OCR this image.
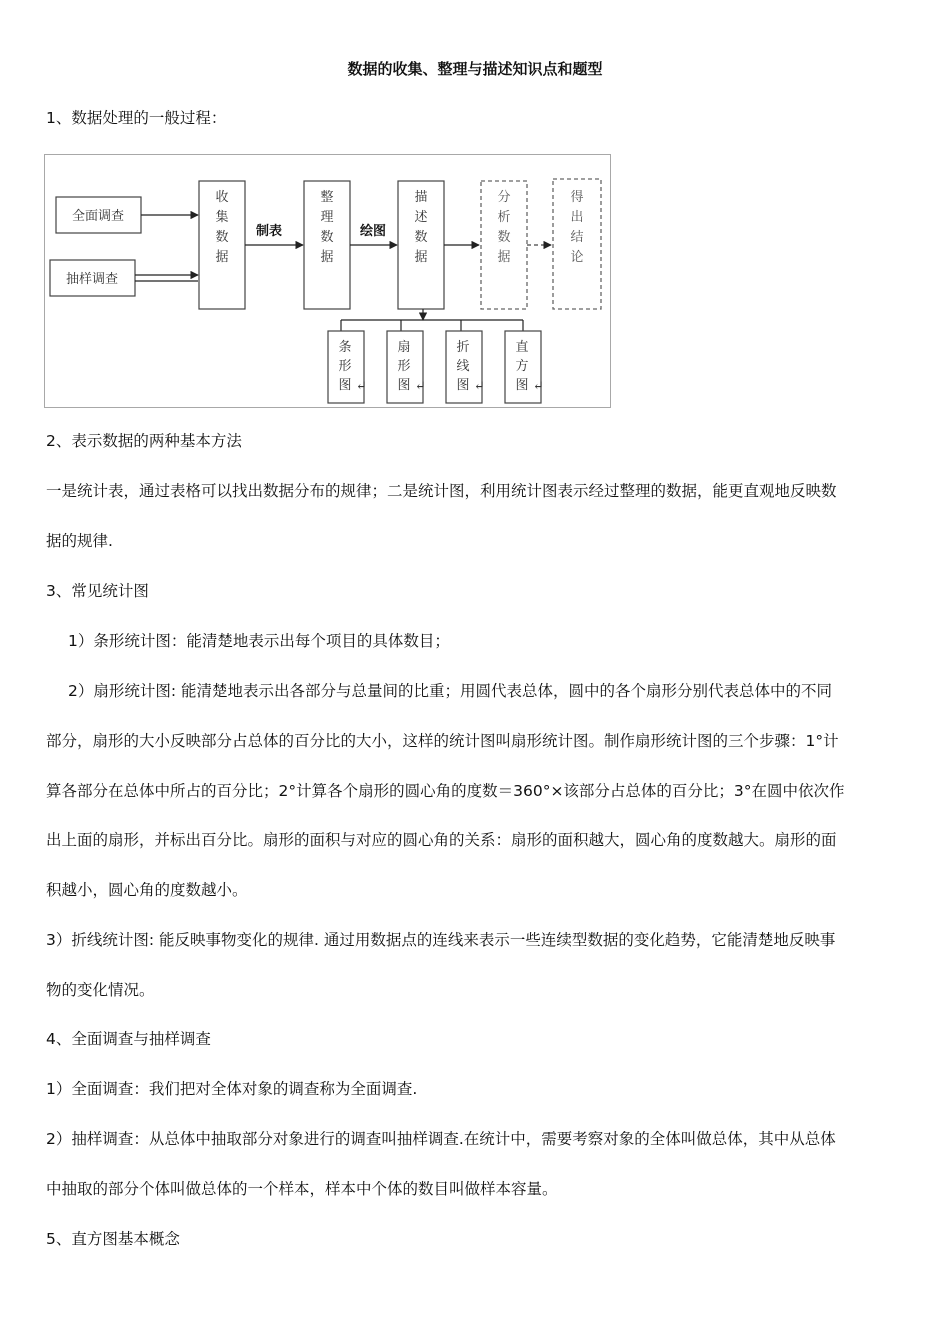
数据的收集、整理与描述知识点和题型
1、数据处理的一般过程：
全面调查
抽样调查
收
集
数
据
制表
整
理
数
据
绘图
描
述
数
据
分
析
数
据
得
出
结
论
条
形
图 ↵
扇
形
图 ↵
折
线
图 ↵
直
方
图 ↵
2、表示数据的两种基本方法
一是统计表，通过表格可以找出数据分布的规律；二是统计图，利用统计图表示经过整理的数据，能更直观地反映数
据的规律.
3、常见统计图
1）条形统计图：能清楚地表示出每个项目的具体数目；
2）扇形统计图: 能清楚地表示出各部分与总量间的比重；用圆代表总体，圆中的各个扇形分别代表总体中的不同
部分，扇形的大小反映部分占总体的百分比的大小，这样的统计图叫扇形统计图。制作扇形统计图的三个步骤：1°计
算各部分在总体中所占的百分比；2°计算各个扇形的圆心角的度数＝360°×该部分占总体的百分比；3°在圆中依次作
出上面的扇形，并标出百分比。扇形的面积与对应的圆心角的关系：扇形的面积越大，圆心角的度数越大。扇形的面
积越小，圆心角的度数越小。
3）折线统计图: 能反映事物变化的规律. 通过用数据点的连线来表示一些连续型数据的变化趋势，它能清楚地反映事
物的变化情况。
4、全面调查与抽样调查
1）全面调查：我们把对全体对象的调查称为全面调查.
2）抽样调查：从总体中抽取部分对象进行的调查叫抽样调查.在统计中，需要考察对象的全体叫做总体，其中从总体
中抽取的部分个体叫做总体的一个样本，样本中个体的数目叫做样本容量。
5、直方图基本概念
